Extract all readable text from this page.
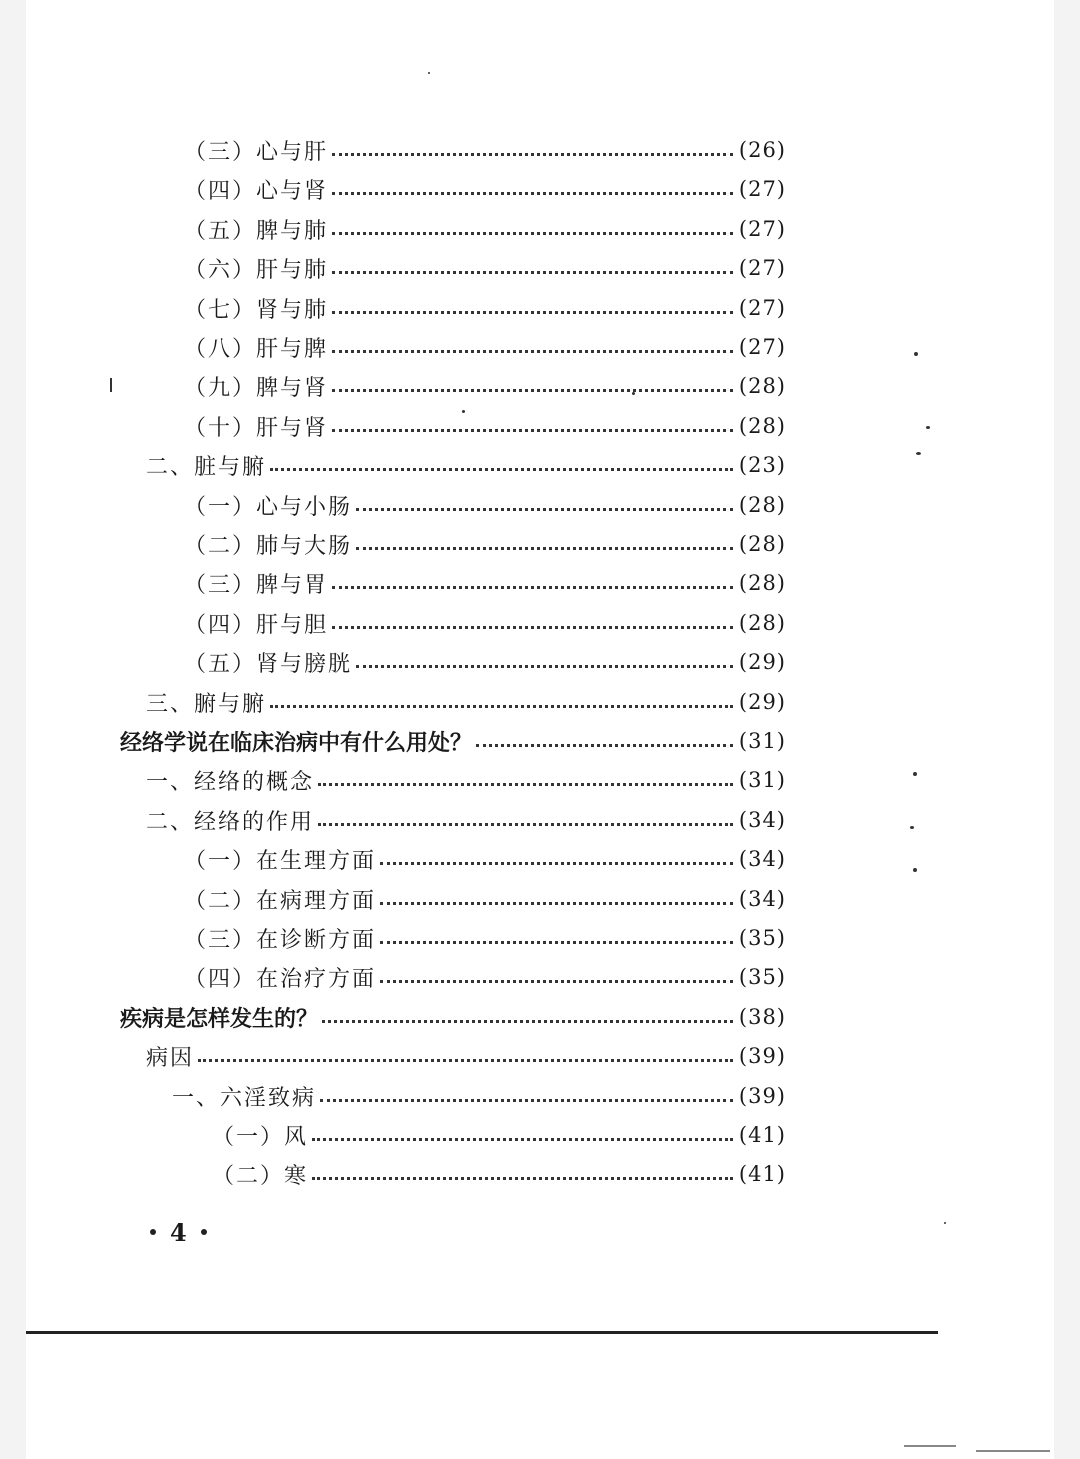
（三）心与肝	(26)
（四）心与肾	(27)
（五）脾与肺	(27)
（六）肝与肺	(27)
（七）肾与肺	(27)
（八）肝与脾	(27)
（九）脾与肾	(28)
（十）肝与肾	(28)
二、脏与腑	(23)
（一）心与小肠	(28)
（二）肺与大肠	(28)
（三）脾与胃	(28)
（四）肝与胆	(28)
（五）肾与膀胱	(29)
三、腑与腑	(29)
经络学说在临床治病中有什么用处？	(31)
一、经络的概念	(31)
二、经络的作用	(34)
（一）在生理方面	(34)
（二）在病理方面	(34)
（三）在诊断方面	(35)
（四）在治疗方面	(35)
疾病是怎样发生的？	(38)
病因	(39)
一、六淫致病	(39)
（一）风	(41)
（二）寒	(41)
4
